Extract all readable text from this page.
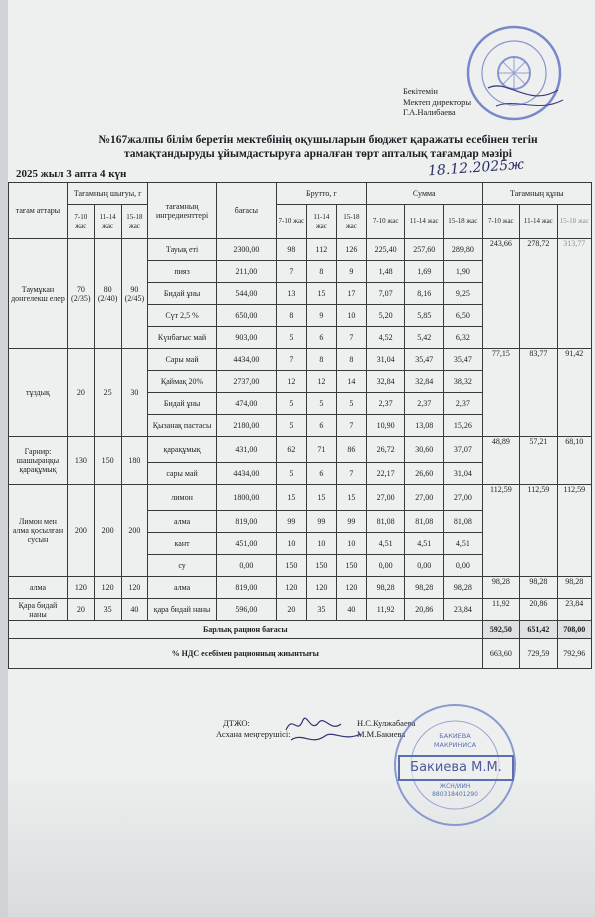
Бекітемін
Мектеп директоры
Г.А.Налибаева
№167жалпы білім беретін мектебінің оқушыларын бюджет қаражаты есебінен тегін тамақтандыруды ұйымдастыруға арналған төрт апталық тағамдар мәзірі
2025 жыл 3 апта 4 күн	18.12.2025ж
тағам аттары	Тағамның шығуы, г			тағамның ингредиенттері	бағасы	Брутто, г			Сумма			Тағамның құны		
	7-10 жас	11-14 жас	15-18 жас			7-10 жас	11-14 жас	15-18 жас	7-10 жас	11-14 жас	15-18 жас	7-10 жас	11-14 жас	15-18 жас
Таумұкан донгелекш елер	70 (2/35)	80 (2/40)	90 (2/45)	Тауық еті	2300,00	98	112	126	225,40	257,60	289,80	243,66	278,72	313,77
				пияз	211,00	7	8	9	1,48	1,69	1,90			
				Бидай ұны	544,00	13	15	17	7,07	8,16	9,25			
				Сүт 2,5 %	650,00	8	9	10	5,20	5,85	6,50			
				Күнбағыс май	903,00	5	6	7	4,52	5,42	6,32			
тұздық	20	25	30	Сары май	4434,00	7	8	8	31,04	35,47	35,47	77,15	83,77	91,42
				Қаймақ 20%	2737,00	12	12	14	32,84	32,84	38,32			
				Бидай ұны	474,00	5	5	5	2,37	2,37	2,37			
				Қызанақ пастасы	2180,00	5	6	7	10,90	13,08	15,26			
Гарнир: шашыраңқы қарақұмық	130	150	180	қарақұмық	431,00	62	71	86	26,72	30,60	37,07	48,89	57,21	68,10
				сары май	4434,00	5	6	7	22,17	26,60	31,04			
Лимон мен алма қосылған сусын	200	200	200	лимон	1800,00	15	15	15	27,00	27,00	27,00	112,59	112,59	112,59
				алма	819,00	99	99	99	81,08	81,08	81,08			
				кант	451,00	10	10	10	4,51	4,51	4,51			
				су	0,00	150	150	150	0,00	0,00	0,00			
алма	120	120	120	алма	819,00	120	120	120	98,28	98,28	98,28	98,28	98,28	98,28
Қара бидай наны	20	35	40	қара бидай наны	596,00	20	35	40	11,92	20,86	23,84	11,92	20,86	23,84
Барлық рацион бағасы												592,50	651,42	708,00
% НДС есебімен рационның жиынтығы												663,60	729,59	792,96
ДТЖО:	Н.С.Кулжабаева
Асхана меңгерушісі:	М.М.Бакиева	БАКИЕВА
МАКРИНИСА
ЖСН/ИИН
880318401290
Бакиева М.М.
